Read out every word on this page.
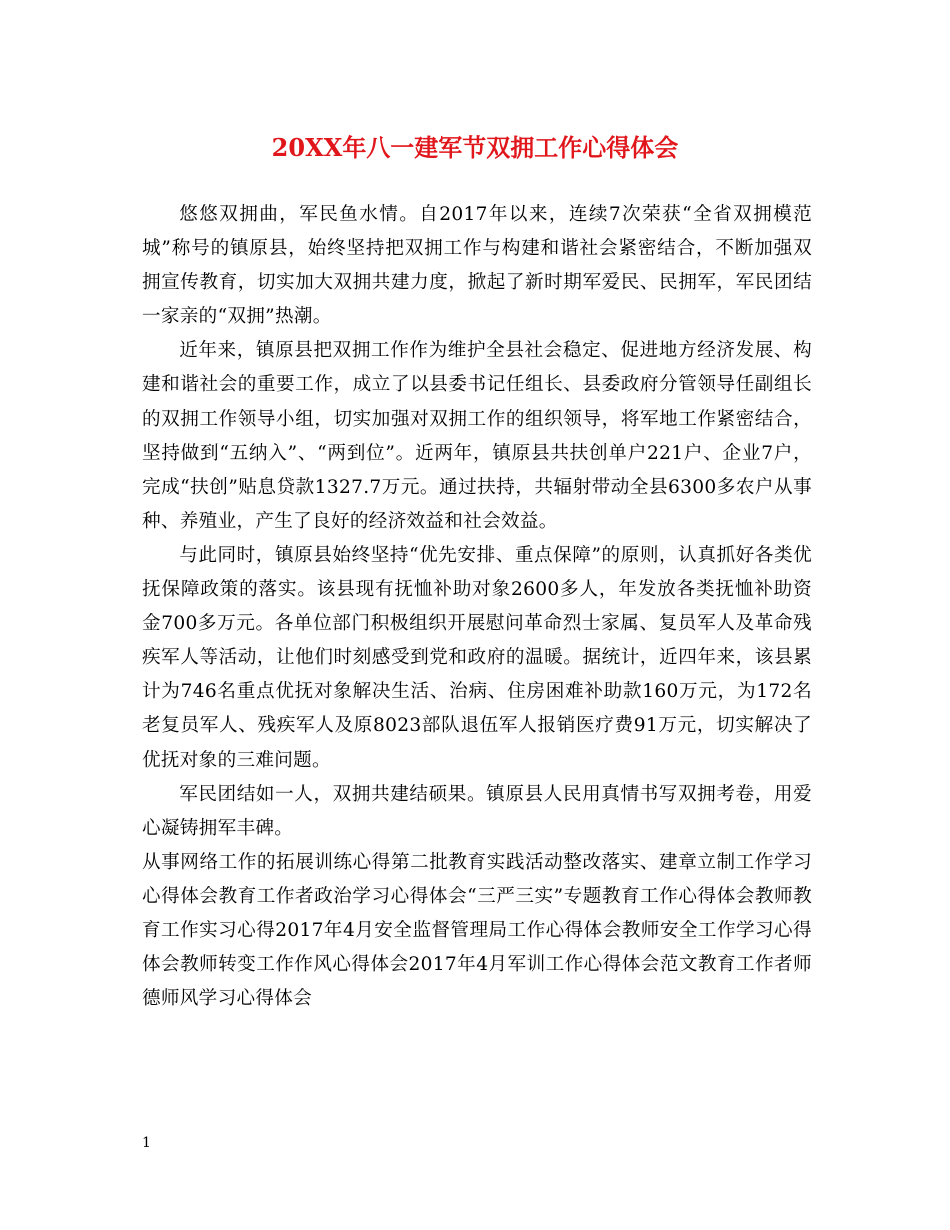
20XX年八一建军节双拥工作心得体会

悠悠双拥曲，军民鱼水情。自2017年以来，连续7次荣获“全省双拥模范城”称号的镇原县，始终坚持把双拥工作与构建和谐社会紧密结合，不断加强双拥宣传教育，切实加大双拥共建力度，掀起了新时期军爱民、民拥军，军民团结一家亲的“双拥”热潮。

近年来，镇原县把双拥工作作为维护全县社会稳定、促进地方经济发展、构建和谐社会的重要工作，成立了以县委书记任组长、县委政府分管领导任副组长的双拥工作领导小组，切实加强对双拥工作的组织领导，将军地工作紧密结合，坚持做到“五纳入”、“两到位”。近两年，镇原县共扶创单户221户、企业7户，完成“扶创”贴息贷款1327.7万元。通过扶持，共辐射带动全县6300多农户从事种、养殖业，产生了良好的经济效益和社会效益。

与此同时，镇原县始终坚持“优先安排、重点保障”的原则，认真抓好各类优抚保障政策的落实。该县现有抚恤补助对象2600多人，年发放各类抚恤补助资金700多万元。各单位部门积极组织开展慰问革命烈士家属、复员军人及革命残疾军人等活动，让他们时刻感受到党和政府的温暖。据统计，近四年来，该县累计为746名重点优抚对象解决生活、治病、住房困难补助款160万元，为172名老复员军人、残疾军人及原8023部队退伍军人报销医疗费91万元，切实解决了优抚对象的三难问题。

军民团结如一人，双拥共建结硕果。镇原县人民用真情书写双拥考卷，用爱心凝铸拥军丰碑。

从事网络工作的拓展训练心得第二批教育实践活动整改落实、建章立制工作学习心得体会教育工作者政治学习心得体会“三严三实”专题教育工作心得体会教师教育工作实习心得2017年4月安全监督管理局工作心得体会教师安全工作学习心得体会教师转变工作作风心得体会2017年4月军训工作心得体会范文教育工作者师德师风学习心得体会

1
